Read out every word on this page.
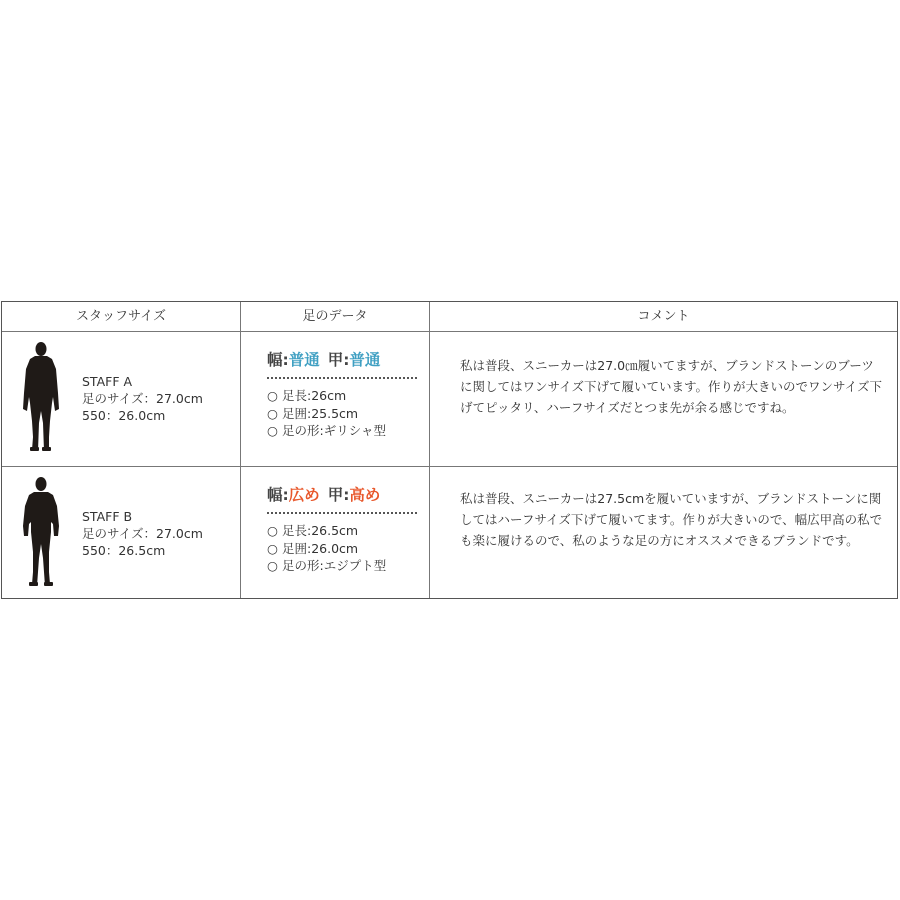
スタッフサイズ	足のデータ	コメント
STAFF A
足のサイズ：27.0cm
550：26.0cm
幅:普通 甲:普通
○ 足長:26cm
○ 足囲:25.5cm
○ 足の形:ギリシャ型
私は普段、スニーカーは27.0㎝履いてますが、ブランドストーンのブーツに関してはワンサイズ下げて履いています。作りが大きいのでワンサイズ下げてピッタリ、ハーフサイズだとつま先が余る感じですね。
STAFF B
足のサイズ：27.0cm
550：26.5cm
幅:広め 甲:高め
○ 足長:26.5cm
○ 足囲:26.0cm
○ 足の形:エジプト型
私は普段、スニーカーは27.5cmを履いていますが、ブランドストーンに関してはハーフサイズ下げて履いてます。作りが大きいので、幅広甲高の私でも楽に履けるので、私のような足の方にオススメできるブランドです。
